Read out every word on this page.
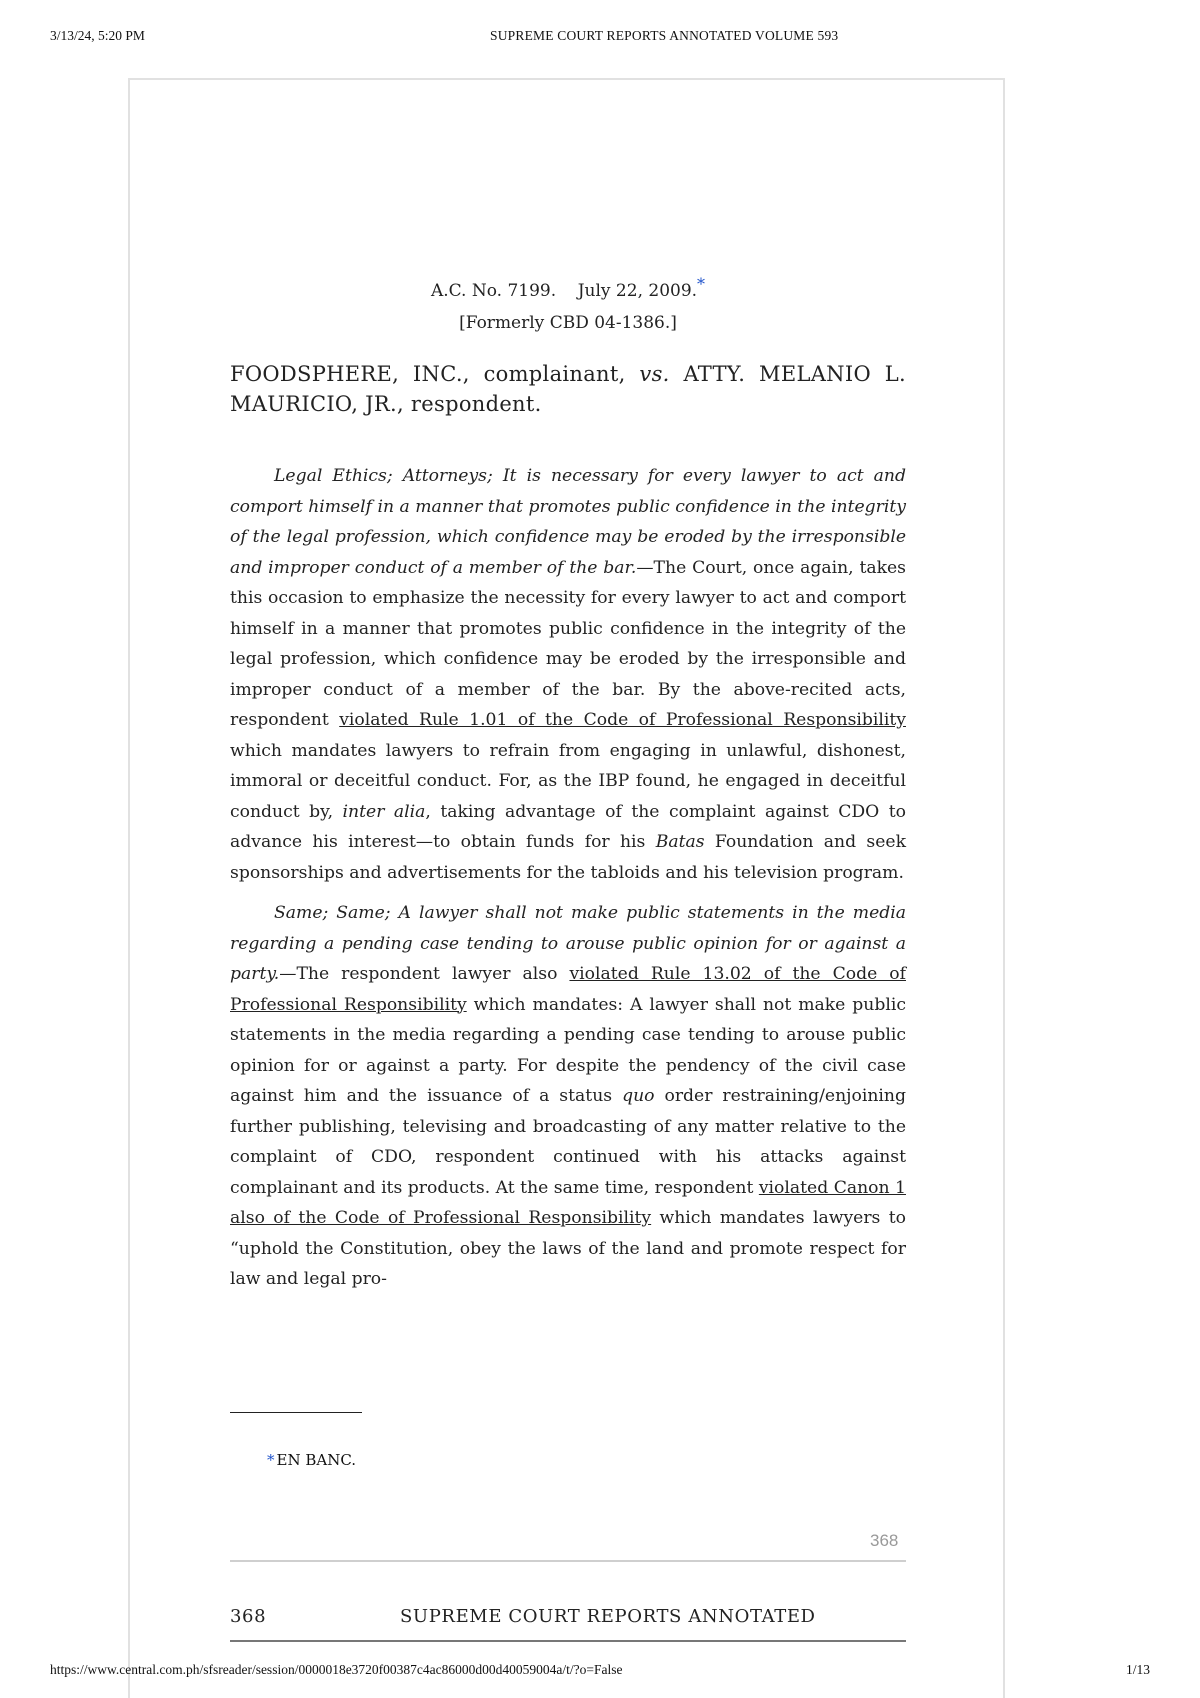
3/13/24, 5:20 PM	SUPREME COURT REPORTS ANNOTATED VOLUME 593
A.C. No. 7199.    July 22, 2009.*
[Formerly CBD 04-1386.]
FOODSPHERE, INC., complainant, vs. ATTY. MELANIO L. MAURICIO, JR., respondent.

Legal Ethics; Attorneys; It is necessary for every lawyer to act and comport himself in a manner that promotes public confidence in the integrity of the legal profession, which confidence may be eroded by the irresponsible and improper conduct of a member of the bar.—The Court, once again, takes this occasion to emphasize the necessity for every lawyer to act and comport himself in a manner that promotes public confidence in the integrity of the legal profession, which confidence may be eroded by the irresponsible and improper conduct of a member of the bar. By the above-recited acts, respondent violated Rule 1.01 of the Code of Professional Responsibility which mandates lawyers to refrain from engaging in unlawful, dishonest, immoral or deceitful conduct. For, as the IBP found, he engaged in deceitful conduct by, inter alia, taking advantage of the complaint against CDO to advance his interest—to obtain funds for his Batas Foundation and seek sponsorships and advertisements for the tabloids and his television program.

Same; Same; A lawyer shall not make public statements in the media regarding a pending case tending to arouse public opinion for or against a party.—The respondent lawyer also violated Rule 13.02 of the Code of Professional Responsibility which mandates: A lawyer shall not make public statements in the media regarding a pending case tending to arouse public opinion for or against a party. For despite the pendency of the civil case against him and the issuance of a status quo order restraining/enjoining further publishing, televising and broadcasting of any matter relative to the complaint of CDO, respondent continued with his attacks against complainant and its products. At the same time, respondent violated Canon 1 also of the Code of Professional Responsibility which mandates lawyers to “uphold the Constitution, obey the laws of the land and promote respect for law and legal pro-

* EN BANC.
368
368	SUPREME COURT REPORTS ANNOTATED
https://www.central.com.ph/sfsreader/session/0000018e3720f00387c4ac86000d00d40059004a/t/?o=False	1/13
